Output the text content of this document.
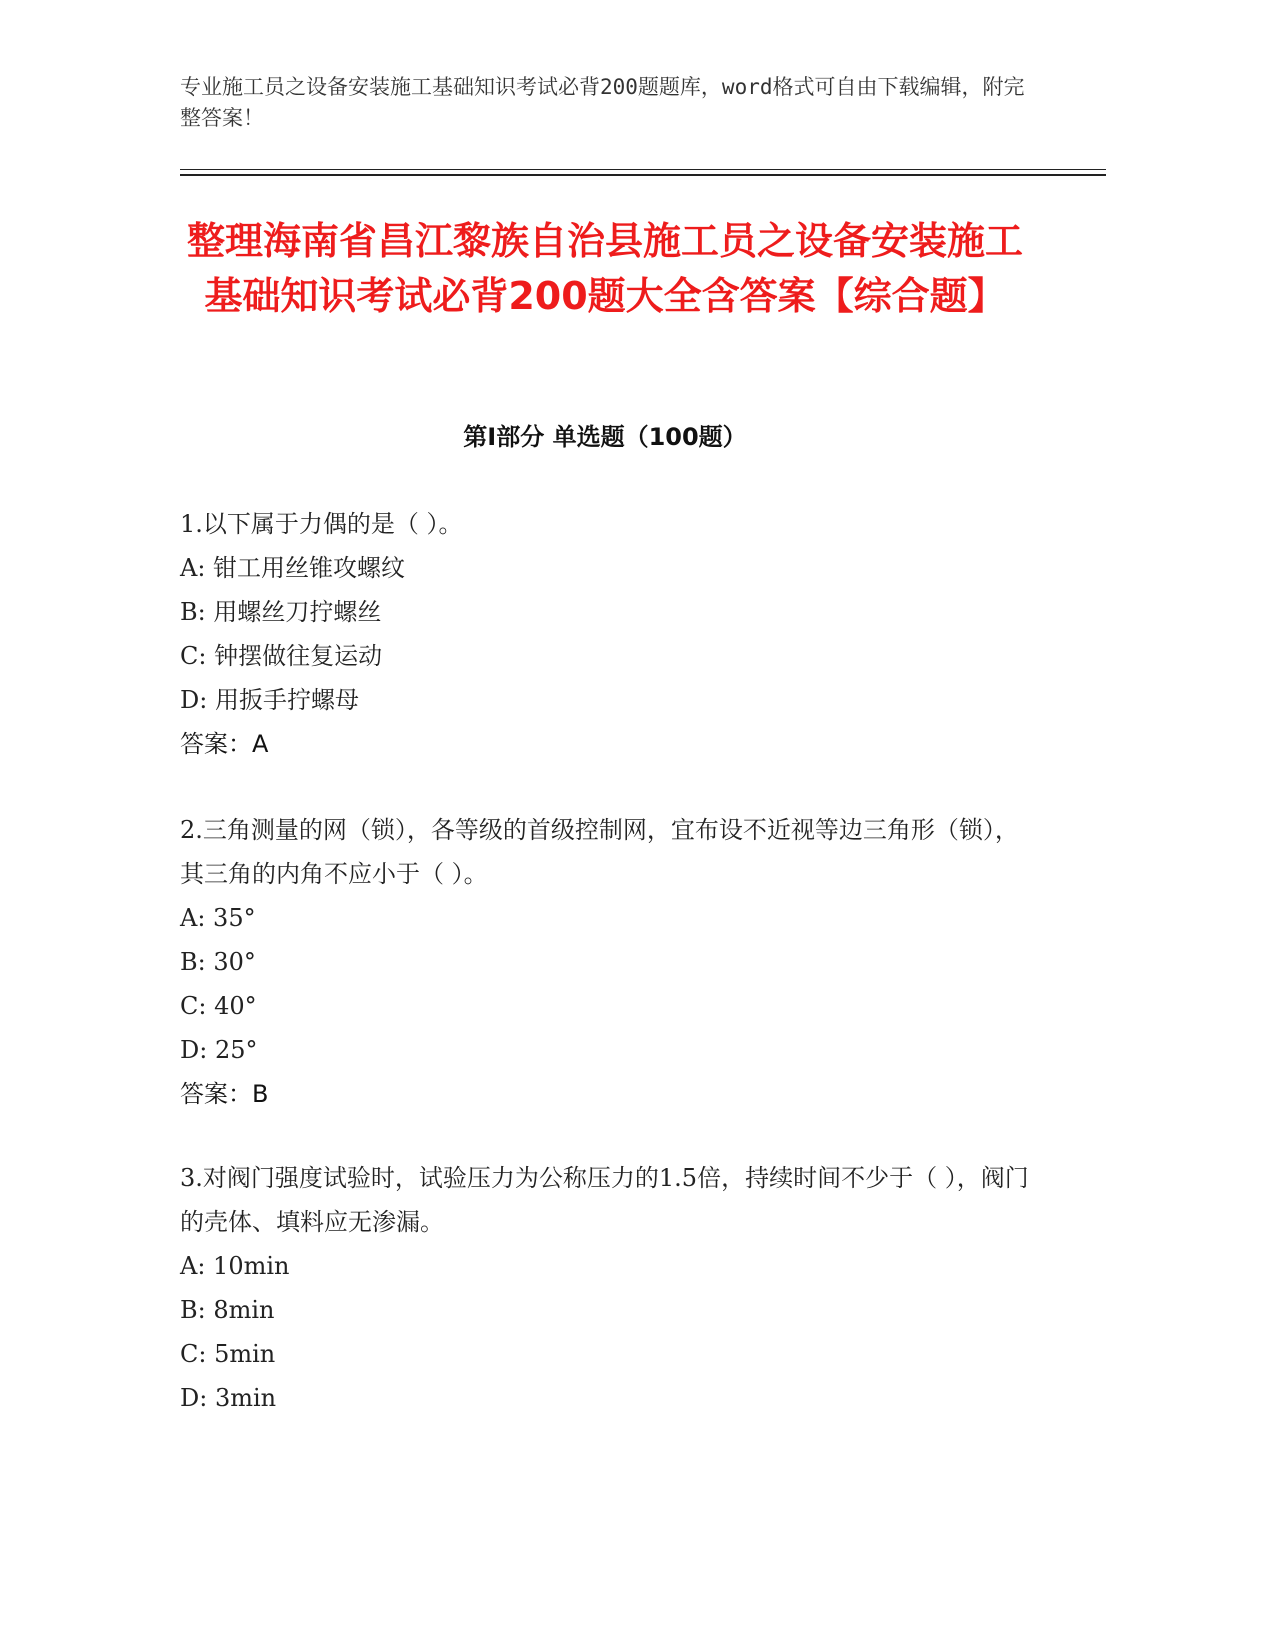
专业施工员之设备安装施工基础知识考试必背200题题库，word格式可自由下载编辑，附完整答案！
整理海南省昌江黎族自治县施工员之设备安装施工基础知识考试必背200题大全含答案【综合题】
第I部分 单选题（100题）

1.以下属于力偶的是（ ）。

A: 钳工用丝锥攻螺纹

B: 用螺丝刀拧螺丝

C: 钟摆做往复运动

D: 用扳手拧螺母

答案：A

2.三角测量的网（锁），各等级的首级控制网，宜布设不近视等边三角形（锁），其三角的内角不应小于（ ）。

A: 35°

B: 30°

C: 40°

D: 25°

答案：B

3.对阀门强度试验时，试验压力为公称压力的1.5倍，持续时间不少于（ ），阀门的壳体、填料应无渗漏。

A: 10min

B: 8min

C: 5min

D: 3min
